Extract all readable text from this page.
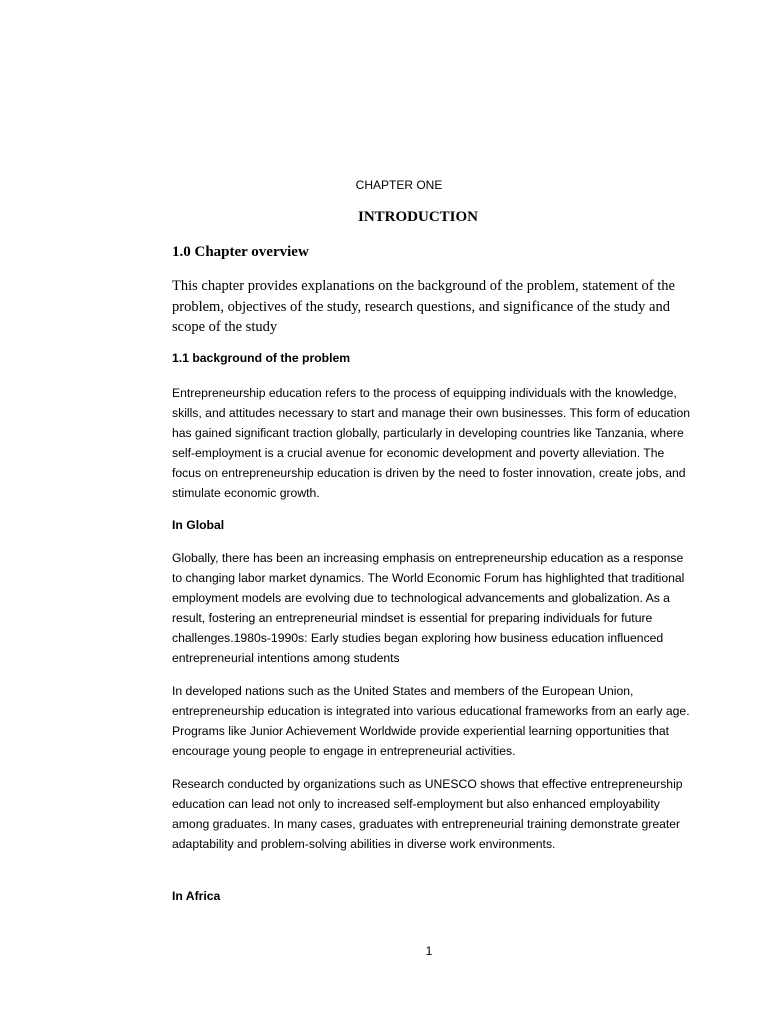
CHAPTER ONE
INTRODUCTION
1.0 Chapter overview

This chapter provides explanations on the background of the problem, statement of the problem, objectives of the study, research questions, and significance of the study and scope of the study

1.1 background of the problem

Entrepreneurship education refers to the process of equipping individuals with the knowledge, skills, and attitudes necessary to start and manage their own businesses. This form of education has gained significant traction globally, particularly in developing countries like Tanzania, where self-employment is a crucial avenue for economic development and poverty alleviation. The focus on entrepreneurship education is driven by the need to foster innovation, create jobs, and stimulate economic growth.

In Global

Globally, there has been an increasing emphasis on entrepreneurship education as a response to changing labor market dynamics. The World Economic Forum has highlighted that traditional employment models are evolving due to technological advancements and globalization. As a result, fostering an entrepreneurial mindset is essential for preparing individuals for future challenges.1980s-1990s: Early studies began exploring how business education influenced entrepreneurial intentions among students

In developed nations such as the United States and members of the European Union, entrepreneurship education is integrated into various educational frameworks from an early age. Programs like Junior Achievement Worldwide provide experiential learning opportunities that encourage young people to engage in entrepreneurial activities.

Research conducted by organizations such as UNESCO shows that effective entrepreneurship education can lead not only to increased self-employment but also enhanced employability among graduates. In many cases, graduates with entrepreneurial training demonstrate greater adaptability and problem-solving abilities in diverse work environments.

In Africa
1
